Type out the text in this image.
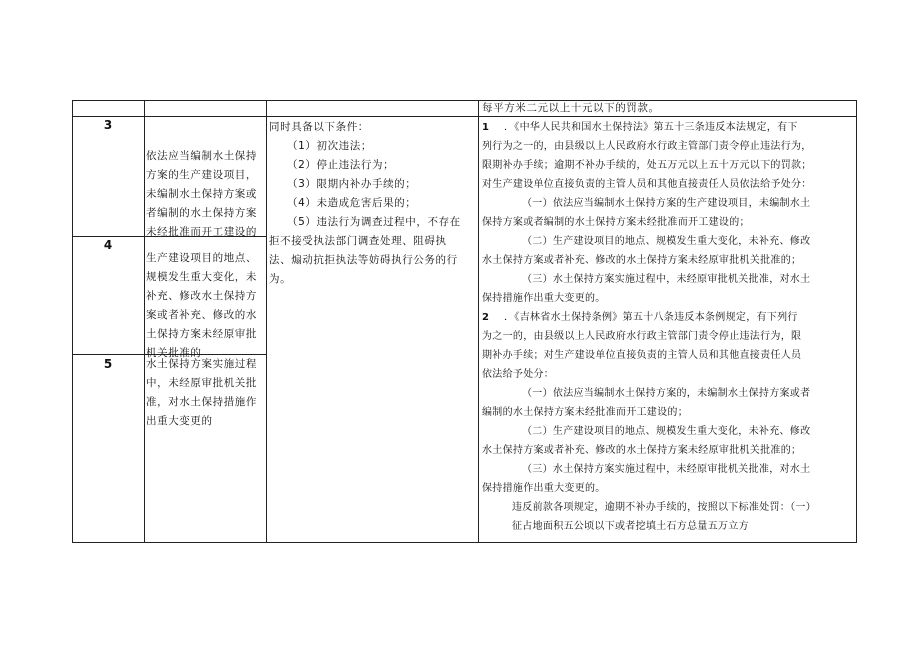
每平方米二元以上十元以下的罚款。
3
4
5
依法应当编制水土保持
方案的生产建设项目，
未编制水土保持方案或
者编制的水土保持方案
未经批准而开工建设的
生产建设项目的地点、
规模发生重大变化，未
补充、修改水土保持方
案或者补充、修改的水
土保持方案未经原审批
机关批准的
水土保持方案实施过程
中，未经原审批机关批
准，对水土保持措施作
出重大变更的
同时具备以下条件：
（1）初次违法；
（2）停止违法行为；
（3）限期内补办手续的；
（4）未造成危害后果的；
（5）违法行为调查过程中，不存在
拒不接受执法部门调查处理、阻碍执
法、煽动抗拒执法等妨碍执行公务的行
为。
1 ．《中华人民共和国水土保持法》第五十三条违反本法规定，有下
列行为之一的，由县级以上人民政府水行政主管部门责令停止违法行为，
限期补办手续；逾期不补办手续的，处五万元以上五十万元以下的罚款；
对生产建设单位直接负责的主管人员和其他直接责任人员依法给予处分：
（一）依法应当编制水土保持方案的生产建设项目，未编制水土
保持方案或者编制的水土保持方案未经批准而开工建设的；
（二）生产建设项目的地点、规模发生重大变化，未补充、修改
水土保持方案或者补充、修改的水土保持方案未经原审批机关批准的；
（三）水土保持方案实施过程中，未经原审批机关批准，对水土
保持措施作出重大变更的。
2 ．《吉林省水土保持条例》第五十八条违反本条例规定，有下列行
为之一的，由县级以上人民政府水行政主管部门责令停止违法行为，限
期补办手续；对生产建设单位直接负责的主管人员和其他直接责任人员
依法给予处分：
（一）依法应当编制水土保持方案的，未编制水土保持方案或者
编制的水土保持方案未经批准而开工建设的；
（二）生产建设项目的地点、规模发生重大变化，未补充、修改
水土保持方案或者补充、修改的水土保持方案未经原审批机关批准的；
（三）水土保持方案实施过程中，未经原审批机关批准，对水土
保持措施作出重大变更的。
违反前款各项规定，逾期不补办手续的，按照以下标准处罚：（一）
征占地面积五公顷以下或者挖填土石方总量五万立方
